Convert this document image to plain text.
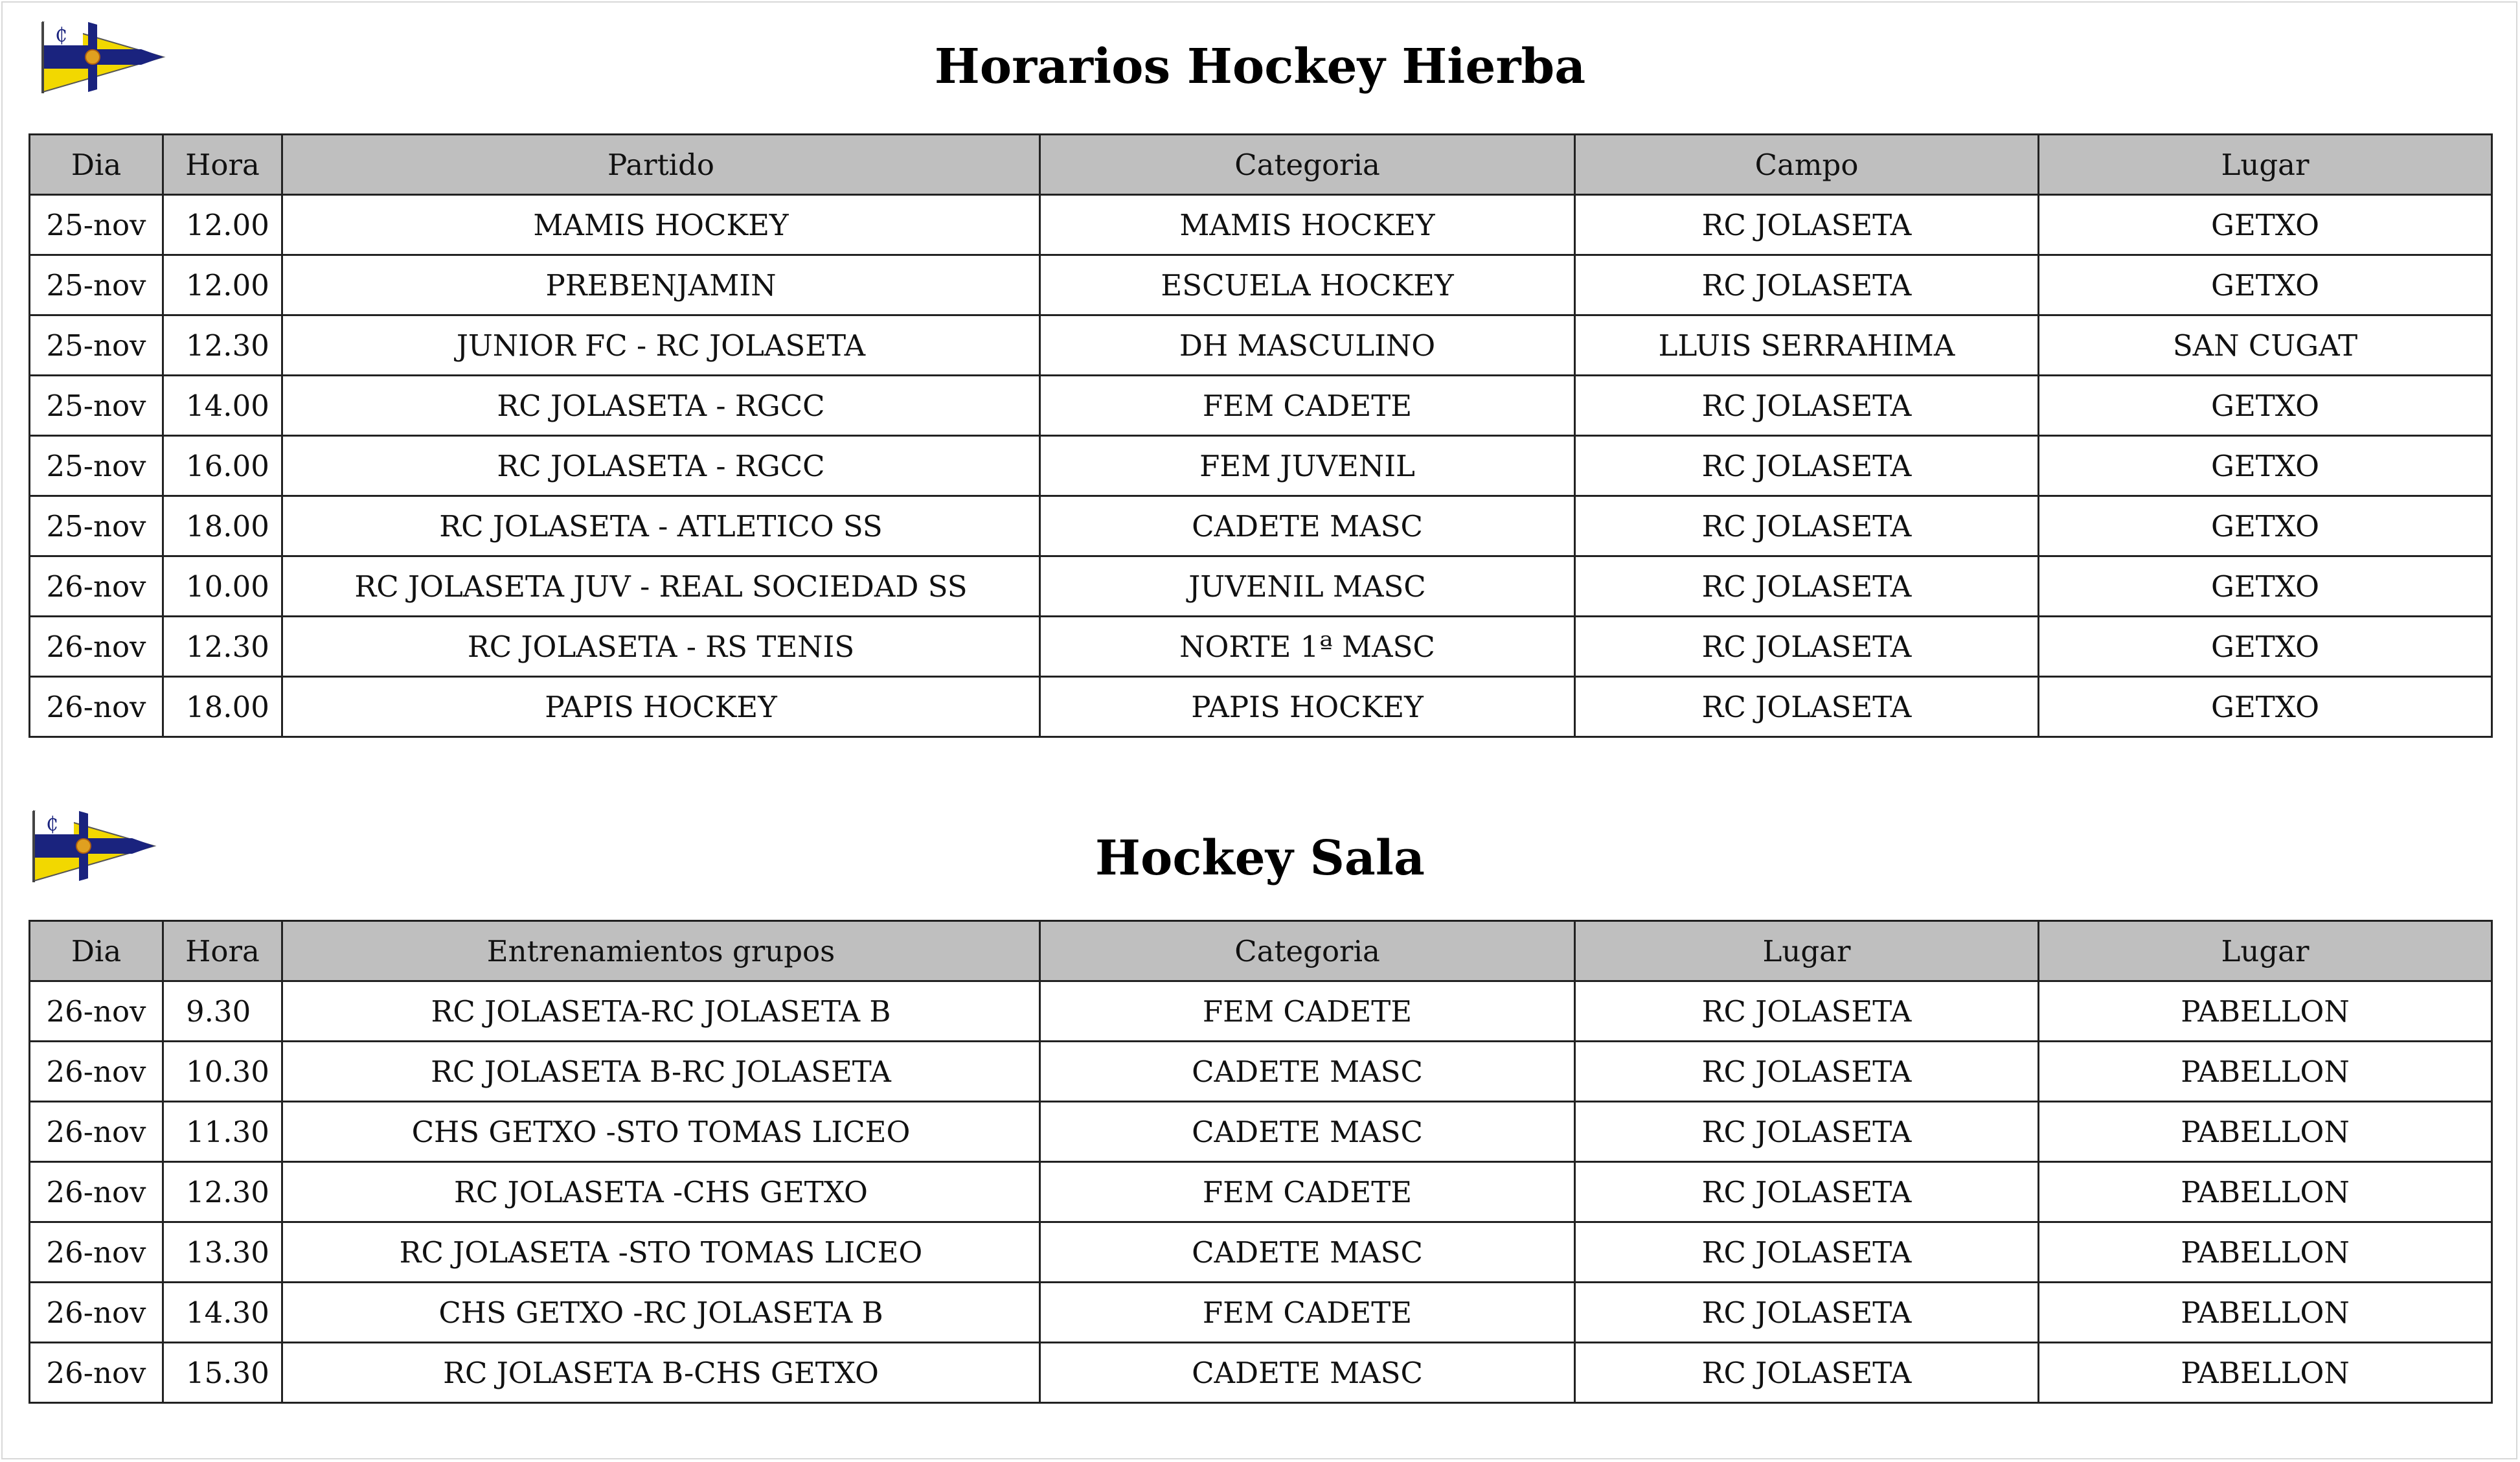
₵
Horarios Hockey Hierba
Dia	Hora	Partido	Categoria	Campo	Lugar
25-nov	12.00	MAMIS HOCKEY	MAMIS HOCKEY	RC JOLASETA	GETXO
25-nov	12.00	PREBENJAMIN	ESCUELA HOCKEY	RC JOLASETA	GETXO
25-nov	12.30	JUNIOR FC - RC JOLASETA	DH MASCULINO	LLUIS SERRAHIMA	SAN CUGAT
25-nov	14.00	RC JOLASETA - RGCC	FEM CADETE	RC JOLASETA	GETXO
25-nov	16.00	RC JOLASETA - RGCC	FEM JUVENIL	RC JOLASETA	GETXO
25-nov	18.00	RC JOLASETA - ATLETICO SS	CADETE MASC	RC JOLASETA	GETXO
26-nov	10.00	RC JOLASETA JUV - REAL SOCIEDAD SS	JUVENIL MASC	RC JOLASETA	GETXO
26-nov	12.30	RC JOLASETA - RS TENIS	NORTE 1ª MASC	RC JOLASETA	GETXO
26-nov	18.00	PAPIS HOCKEY	PAPIS HOCKEY	RC JOLASETA	GETXO
₵
Hockey Sala
Dia	Hora	Entrenamientos grupos	Categoria	Lugar	Lugar
26-nov	9.30	RC JOLASETA-RC JOLASETA B	FEM CADETE	RC JOLASETA	PABELLON
26-nov	10.30	RC JOLASETA B-RC JOLASETA	CADETE MASC	RC JOLASETA	PABELLON
26-nov	11.30	CHS GETXO -STO TOMAS LICEO	CADETE MASC	RC JOLASETA	PABELLON
26-nov	12.30	RC JOLASETA -CHS GETXO	FEM CADETE	RC JOLASETA	PABELLON
26-nov	13.30	RC JOLASETA -STO TOMAS LICEO	CADETE MASC	RC JOLASETA	PABELLON
26-nov	14.30	CHS GETXO -RC JOLASETA B	FEM CADETE	RC JOLASETA	PABELLON
26-nov	15.30	RC JOLASETA B-CHS GETXO	CADETE MASC	RC JOLASETA	PABELLON
